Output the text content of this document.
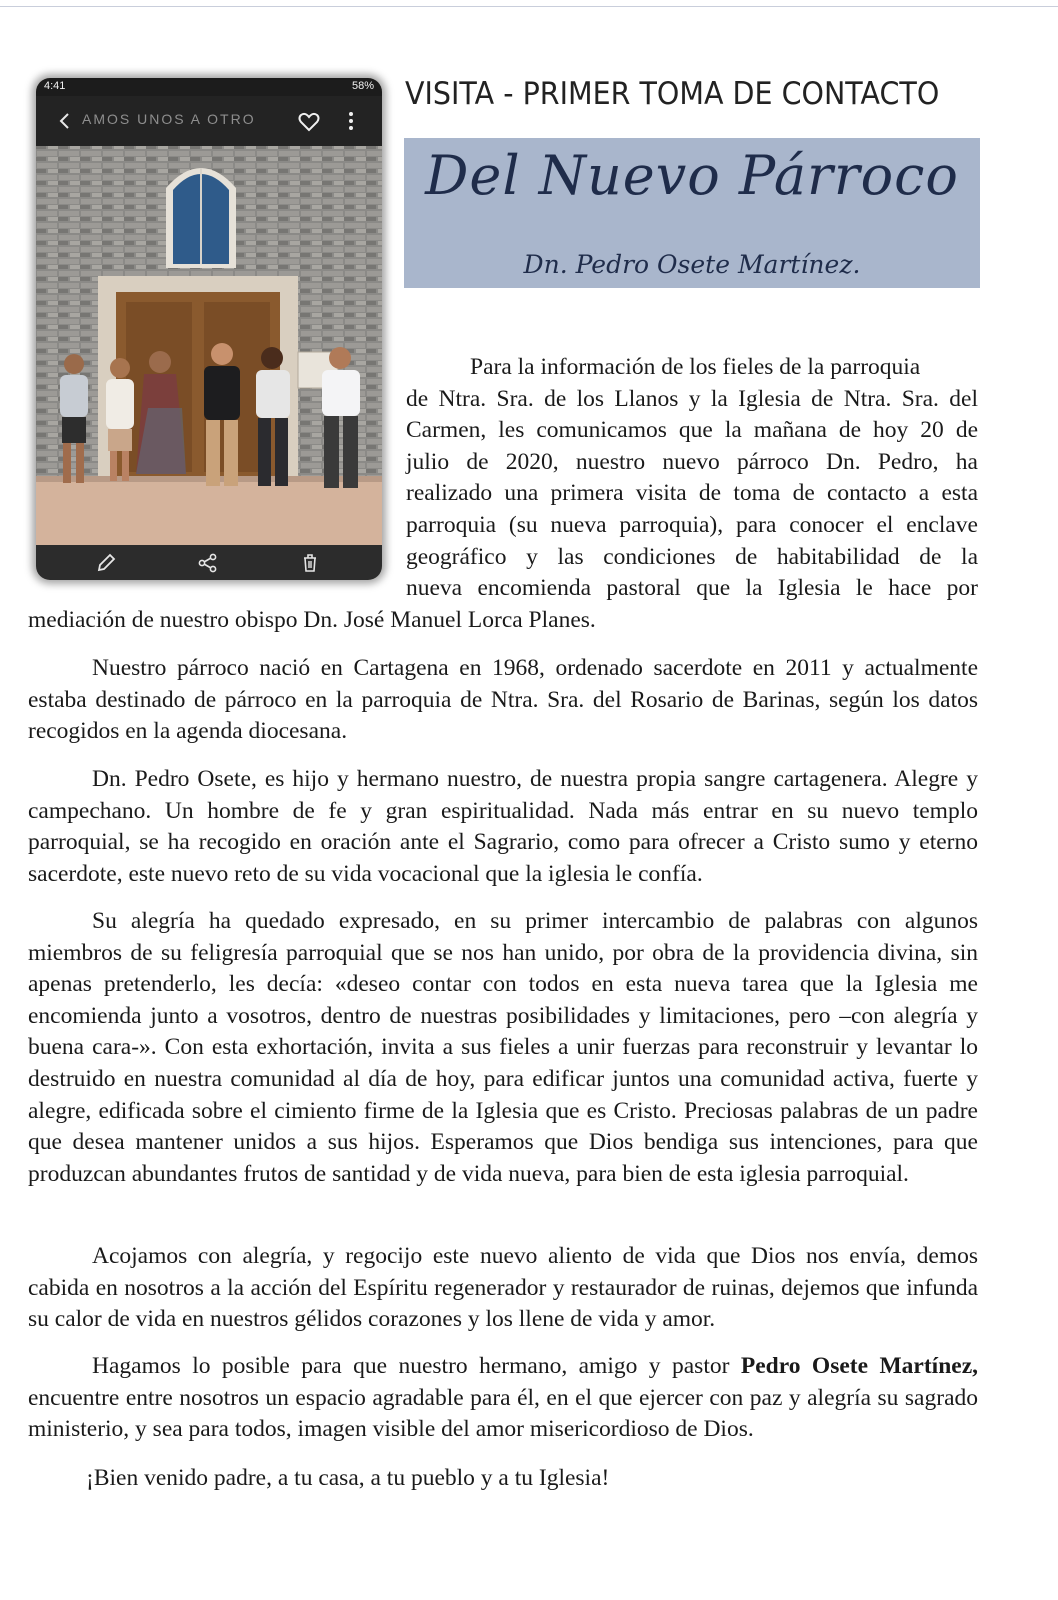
4:41	58%
AMOS UNOS A OTRO
VISITA - PRIMER TOMA DE CONTACTO
Del Nuevo Párroco
Dn. Pedro Osete Martínez.
Para la información de los fieles de la parroquia
de Ntra. Sra. de los Llanos y la Iglesia de Ntra. Sra. del
Carmen, les comunicamos que la mañana de hoy 20 de
julio de 2020, nuestro nuevo párroco Dn. Pedro, ha
realizado una primera visita de toma de contacto a esta
parroquia (su nueva parroquia), para conocer el enclave
geográfico y las condiciones de habitabilidad de la
nueva encomienda pastoral que la Iglesia le hace por

mediación de nuestro obispo Dn. José Manuel Lorca Planes.

Nuestro párroco nació en Cartagena en 1968, ordenado sacerdote en 2011 y actualmente estaba destinado de párroco en la parroquia de Ntra. Sra. del Rosario de Barinas, según los datos recogidos en la agenda diocesana.

Dn. Pedro Osete, es hijo y hermano nuestro, de nuestra propia sangre cartagenera. Alegre y campechano. Un hombre de fe y gran espiritualidad. Nada más entrar en su nuevo templo parroquial, se ha recogido en oración ante el Sagrario, como para ofrecer a Cristo sumo y eterno sacerdote, este nuevo reto de su vida vocacional que la iglesia le confía.

Su alegría ha quedado expresado, en su primer intercambio de palabras con algunos miembros de su feligresía parroquial que se nos han unido, por obra de la providencia divina, sin apenas pretenderlo, les decía: «deseo contar con todos en esta nueva tarea que la Iglesia me encomienda junto a vosotros, dentro de nuestras posibilidades y limitaciones, pero –con alegría y buena cara-». Con esta exhortación, invita a sus fieles a unir fuerzas para reconstruir y levantar lo destruido en nuestra comunidad al día de hoy, para edificar juntos una comunidad activa, fuerte y alegre, edificada sobre el cimiento firme de la Iglesia que es Cristo. Preciosas palabras de un padre que desea mantener unidos a sus hijos. Esperamos que Dios bendiga sus intenciones, para que produzcan abundantes frutos de santidad y de vida nueva, para bien de esta iglesia parroquial.

Acojamos con alegría, y regocijo este nuevo aliento de vida que Dios nos envía, demos cabida en nosotros a la acción del Espíritu regenerador y restaurador de ruinas, dejemos que infunda su calor de vida en nuestros gélidos corazones y los llene de vida y amor.

Hagamos lo posible para que nuestro hermano, amigo y pastor Pedro Osete Martínez, encuentre entre nosotros un espacio agradable para él, en el que ejercer con paz y alegría su sagrado ministerio, y sea para todos, imagen visible del amor misericordioso de Dios.

¡Bien venido padre, a tu casa, a tu pueblo y a tu Iglesia!
